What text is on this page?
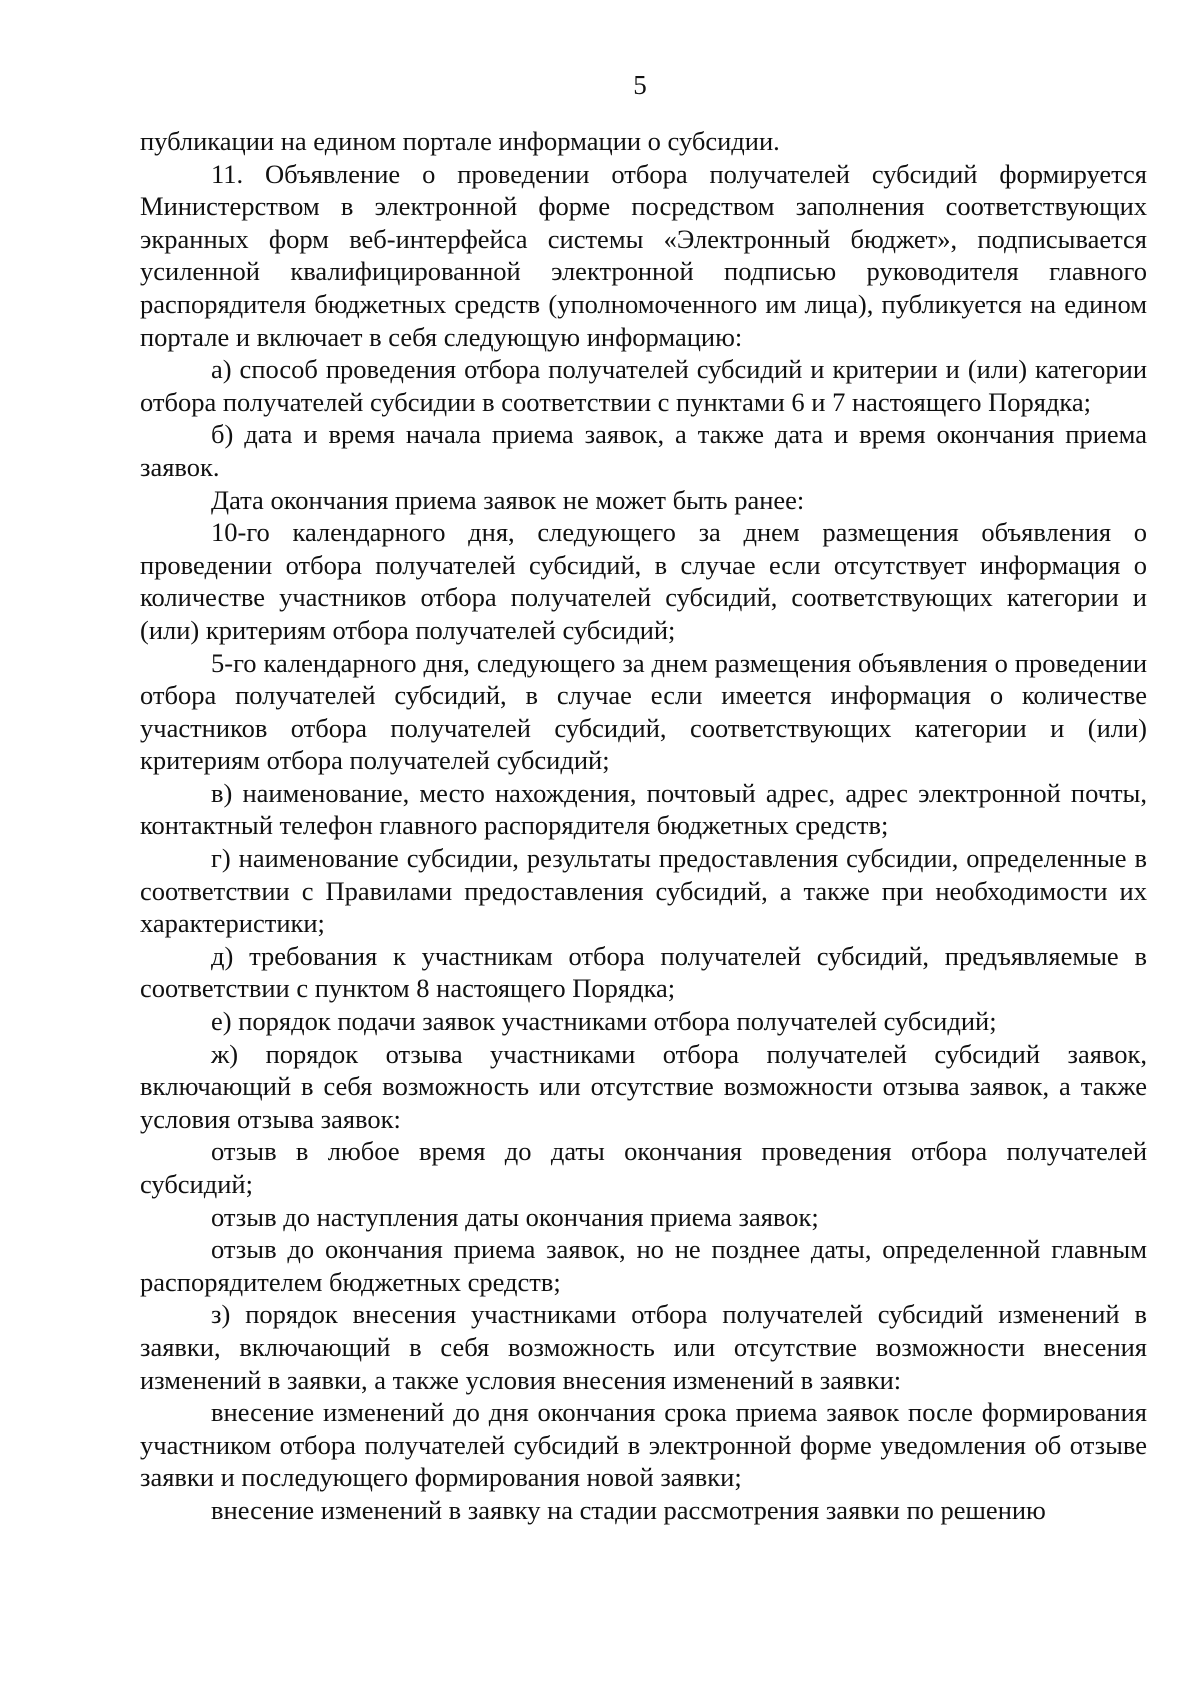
5

публикации на едином портале информации о субсидии.

11. Объявление о проведении отбора получателей субсидий формируется Министерством в электронной форме посредством заполнения соответствующих экранных форм веб-интерфейса системы «Электронный бюджет», подписывается усиленной квалифицированной электронной подписью руководителя главного распорядителя бюджетных средств (уполномоченного им лица), публикуется на едином портале и включает в себя следующую информацию:

а) способ проведения отбора получателей субсидий и критерии и (или) категории отбора получателей субсидии в соответствии с пунктами 6 и 7 настоящего Порядка;

б) дата и время начала приема заявок, а также дата и время окончания приема заявок.

Дата окончания приема заявок не может быть ранее:

10-го календарного дня, следующего за днем размещения объявления о проведении отбора получателей субсидий, в случае если отсутствует информация о количестве участников отбора получателей субсидий, соответствующих категории и (или) критериям отбора получателей субсидий;

5-го календарного дня, следующего за днем размещения объявления о проведении отбора получателей субсидий, в случае если имеется информация о количестве участников отбора получателей субсидий, соответствующих категории и (или) критериям отбора получателей субсидий;

в) наименование, место нахождения, почтовый адрес, адрес электронной почты, контактный телефон главного распорядителя бюджетных средств;

г) наименование субсидии, результаты предоставления субсидии, определенные в соответствии с Правилами предоставления субсидий, а также при необходимости их характеристики;

д) требования к участникам отбора получателей субсидий, предъявляемые в соответствии с пунктом 8 настоящего Порядка;

е) порядок подачи заявок участниками отбора получателей субсидий;

ж) порядок отзыва участниками отбора получателей субсидий заявок, включающий в себя возможность или отсутствие возможности отзыва заявок, а также условия отзыва заявок:

отзыв в любое время до даты окончания проведения отбора получателей субсидий;

отзыв до наступления даты окончания приема заявок;

отзыв до окончания приема заявок, но не позднее даты, определенной главным распорядителем бюджетных средств;

з) порядок внесения участниками отбора получателей субсидий изменений в заявки, включающий в себя возможность или отсутствие возможности внесения изменений в заявки, а также условия внесения изменений в заявки:

внесение изменений до дня окончания срока приема заявок после формирования участником отбора получателей субсидий в электронной форме уведомления об отзыве заявки и последующего формирования новой заявки;

внесение изменений в заявку на стадии рассмотрения заявки по решению
